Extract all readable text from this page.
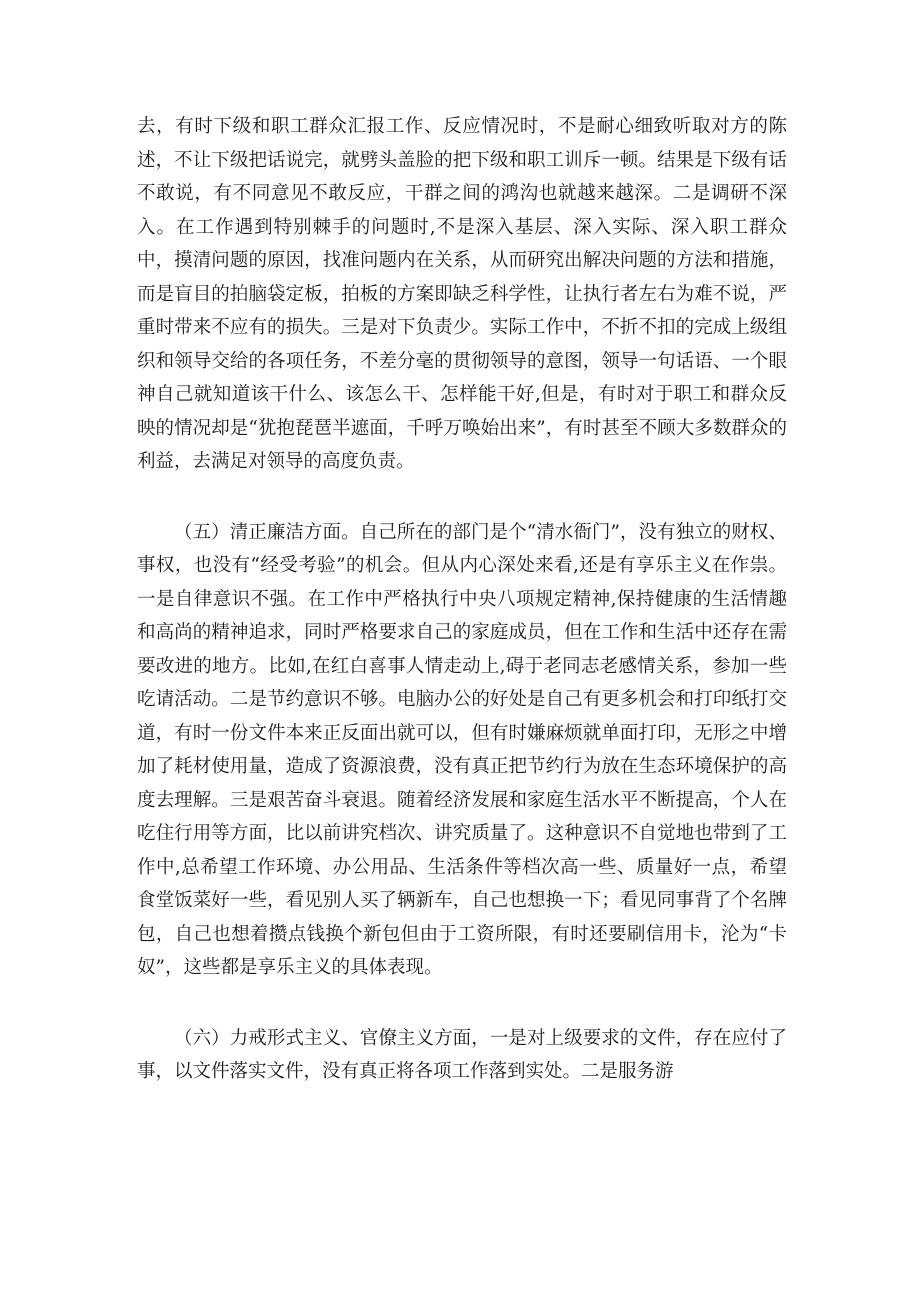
去，有时下级和职工群众汇报工作、反应情况时，不是耐心细致听取对方的陈述，不让下级把话说完，就劈头盖脸的把下级和职工训斥一顿。结果是下级有话不敢说，有不同意见不敢反应，干群之间的鸿沟也就越来越深。二是调研不深入。在工作遇到特别棘手的问题时,不是深入基层、深入实际、深入职工群众中，摸清问题的原因，找准问题内在关系，从而研究出解决问题的方法和措施，而是盲目的拍脑袋定板，拍板的方案即缺乏科学性，让执行者左右为难不说，严重时带来不应有的损失。三是对下负责少。实际工作中，不折不扣的完成上级组织和领导交给的各项任务，不差分毫的贯彻领导的意图，领导一句话语、一个眼神自己就知道该干什么、该怎么干、怎样能干好,但是，有时对于职工和群众反映的情况却是“犹抱琵琶半遮面，千呼万唤始出来”，有时甚至不顾大多数群众的利益，去满足对领导的高度负责。

（五）清正廉洁方面。自己所在的部门是个“清水衙门”，没有独立的财权、事权，也没有“经受考验”的机会。但从内心深处来看,还是有享乐主义在作祟。一是自律意识不强。在工作中严格执行中央八项规定精神,保持健康的生活情趣和高尚的精神追求，同时严格要求自己的家庭成员，但在工作和生活中还存在需要改进的地方。比如,在红白喜事人情走动上,碍于老同志老感情关系，参加一些吃请活动。二是节约意识不够。电脑办公的好处是自己有更多机会和打印纸打交道，有时一份文件本来正反面出就可以，但有时嫌麻烦就单面打印，无形之中增加了耗材使用量，造成了资源浪费，没有真正把节约行为放在生态环境保护的高度去理解。三是艰苦奋斗衰退。随着经济发展和家庭生活水平不断提高，个人在吃住行用等方面，比以前讲究档次、讲究质量了。这种意识不自觉地也带到了工作中,总希望工作环境、办公用品、生活条件等档次高一些、质量好一点，希望食堂饭菜好一些，看见别人买了辆新车，自己也想换一下；看见同事背了个名牌包，自己也想着攒点钱换个新包但由于工资所限，有时还要刷信用卡，沦为“卡奴”，这些都是享乐主义的具体表现。

（六）力戒形式主义、官僚主义方面，一是对上级要求的文件，存在应付了事，以文件落实文件，没有真正将各项工作落到实处。二是服务游
